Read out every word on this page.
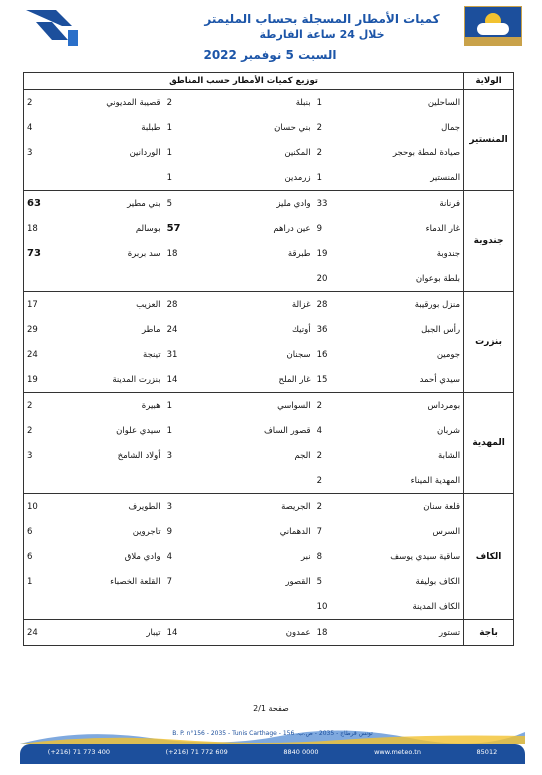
كميات الأمطار المسجلة بحساب المليمتر
خلال 24 ساعة الفارطة
السبت 5 نوفمبر 2022
الولاية	توزيع كميات الأمطار حسب المناطق					
المنستير	الساحلين	1	بنبلة	2	قصيبة المديوني	2
	جمال	2	بني حسان	1	طبلبة	4
	صيادة لمطة بوحجر	2	المكنين	1	الوردانين	3
	المنستير	1	زرمدين	1		
جندوبة	فرنانة	33	وادي مليز	5	بني مطير	63
	غار الدماء	9	عين دراهم	57	بوسالم	18
	جندوبة	19	طبرقة	18	سد بربرة	73
	بلطة بوعوان	20				
بنزرت	منزل بورقيبة	28	غزالة	28	العزيب	17
	رأس الجبل	36	أوتيك	24	ماطر	29
	جومين	16	سجنان	31	تينجة	24
	سيدي أحمد	15	غار الملح	14	بنزرت المدينة	19
المهدية	بومرداس	2	السواسي	1	هبيرة	2
	شربان	4	قصور الساف	1	سيدي علوان	2
	الشابة	2	الجم	3	أولاد الشامخ	3
	المهدية الميناء	2				
الكاف	قلعة سنان	2	الجريصة	3	الطويرف	10
	السرس	7	الدهماني	9	تاجروين	6
	ساقية سيدي يوسف	8	نبر	4	وادي ملاق	6
	الكاف بوليفة	5	القصور	7	القلعة الخصباء	1
	الكاف المدينة	10				
باجة	تستور	18	عمدون	14	تيبار	24
صفحة 2/1
B. P. n°156 - 2035 - Tunis Carthage - تونس قرطاج - 2035 - ص.ب. 156
(+216) 71 773 400	(+216) 71 772 609	8840 0000	www.meteo.tn	85012
